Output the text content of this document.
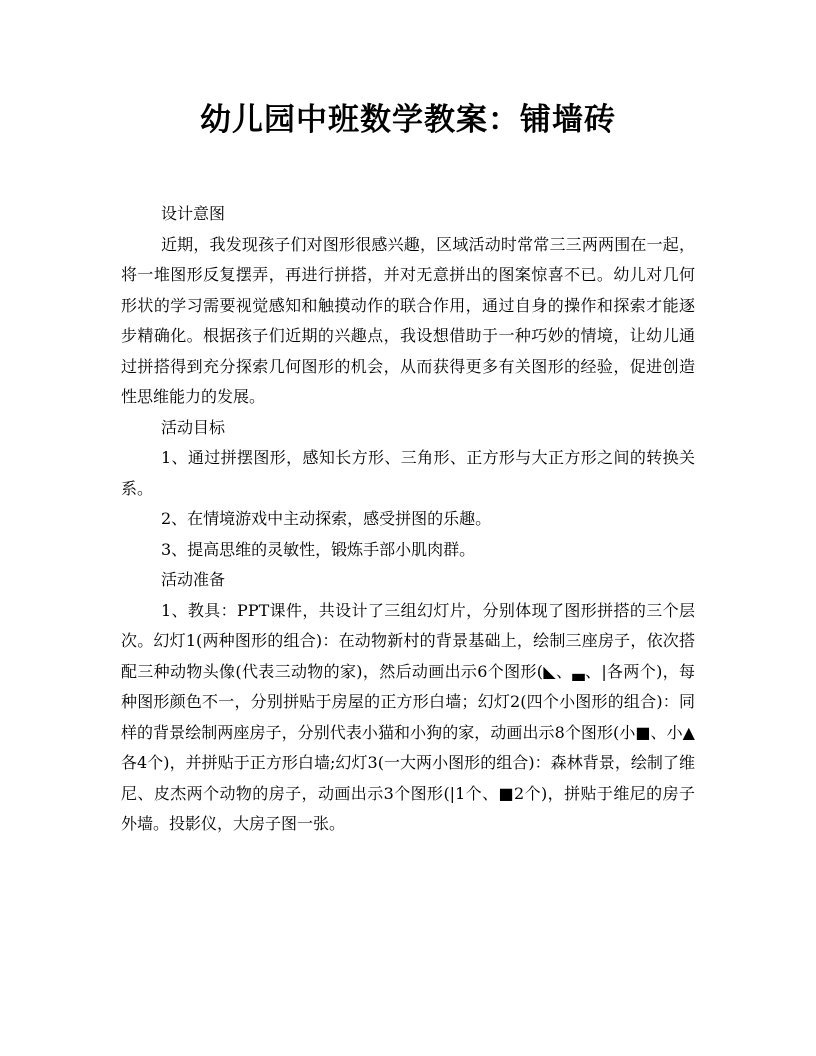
幼儿园中班数学教案：铺墙砖

设计意图

近期，我发现孩子们对图形很感兴趣，区域活动时常常三三两两围在一起，将一堆图形反复摆弄，再进行拼搭，并对无意拼出的图案惊喜不已。幼儿对几何形状的学习需要视觉感知和触摸动作的联合作用，通过自身的操作和探索才能逐步精确化。根据孩子们近期的兴趣点，我设想借助于一种巧妙的情境，让幼儿通过拼搭得到充分探索几何图形的机会，从而获得更多有关图形的经验，促进创造性思维能力的发展。

活动目标

1、通过拼摆图形，感知长方形、三角形、正方形与大正方形之间的转换关系。

2、在情境游戏中主动探索，感受拼图的乐趣。

3、提高思维的灵敏性，锻炼手部小肌肉群。

活动准备

1、教具：PPT课件，共设计了三组幻灯片，分别体现了图形拼搭的三个层次。幻灯1(两种图形的组合)：在动物新村的背景基础上，绘制三座房子，依次搭配三种动物头像(代表三动物的家)，然后动画出示6个图形(◣、▃、|各两个)，每种图形颜色不一，分别拼贴于房屋的正方形白墙；幻灯2(四个小图形的组合)：同样的背景绘制两座房子，分别代表小猫和小狗的家，动画出示8个图形(小■、小▲各4个)，并拼贴于正方形白墙;幻灯3(一大两小图形的组合)：森林背景，绘制了维尼、皮杰两个动物的房子，动画出示3个图形(|1个、■2个)，拼贴于维尼的房子外墙。投影仪，大房子图一张。
